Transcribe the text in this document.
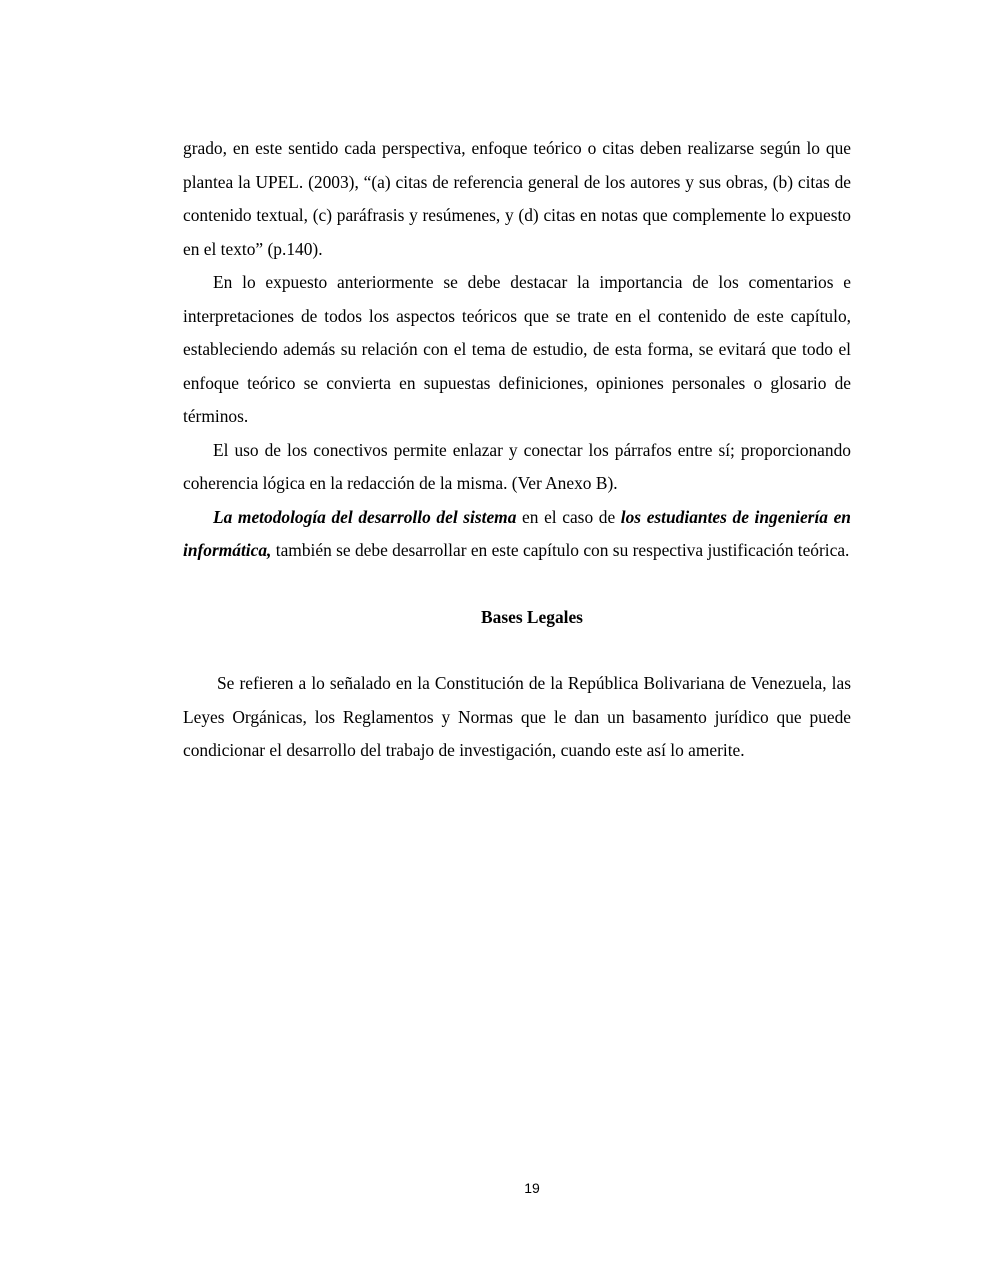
grado, en este sentido cada perspectiva, enfoque teórico o citas deben realizarse según lo que plantea la UPEL. (2003), “(a) citas de referencia general de los autores y sus obras, (b) citas de contenido textual, (c) paráfrasis y resúmenes, y (d) citas en notas que complemente lo expuesto en el texto” (p.140).

En lo expuesto anteriormente se debe destacar la importancia de los comentarios e interpretaciones de todos los aspectos teóricos que se trate en el contenido de este capítulo, estableciendo además su relación con el tema de estudio, de esta forma, se evitará que todo el enfoque teórico se convierta en supuestas definiciones, opiniones personales o glosario de términos.

El uso de los conectivos permite enlazar y conectar los párrafos entre sí; proporcionando coherencia lógica en la redacción de la misma. (Ver Anexo B).

La metodología del desarrollo del sistema en el caso de los estudiantes de ingeniería en informática, también se debe desarrollar en este capítulo con su respectiva justificación teórica.

Bases Legales

Se refieren a lo señalado en la Constitución de la República Bolivariana de Venezuela, las Leyes Orgánicas, los Reglamentos y Normas que le dan un basamento jurídico que puede condicionar el desarrollo del trabajo de investigación, cuando este así lo amerite.

19
